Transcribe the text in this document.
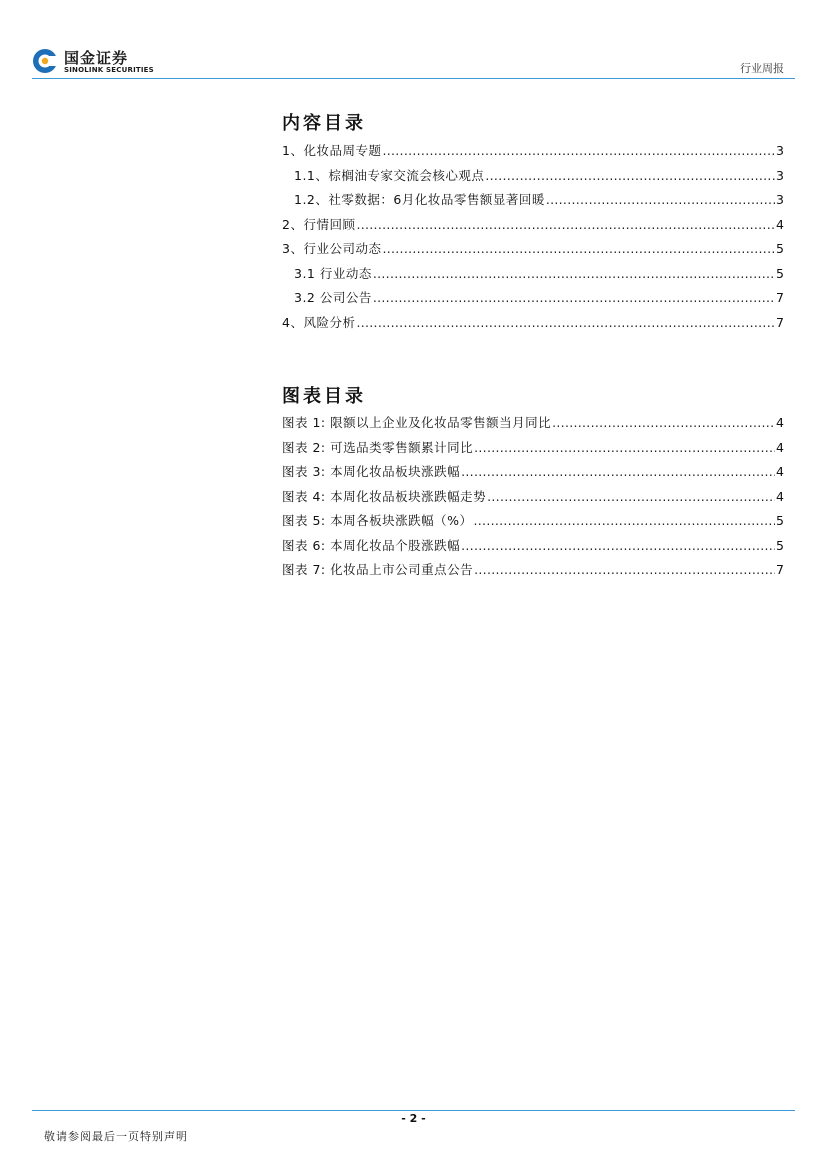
国金证券
SINOLINK SECURITIES	行业周报
内容目录
1、化妆品周专题 .....	3
1.1、棕榈油专家交流会核心观点 .....	3
1.2、社零数据：6月化妆品零售额显著回暖 .....	3
2、行情回顾 .....	4
3、行业公司动态 .....	5
3.1 行业动态 .....	5
3.2 公司公告 .....	7
4、风险分析 .....	7
图表目录
图表 1: 限额以上企业及化妆品零售额当月同比 .....	4
图表 2: 可选品类零售额累计同比 .....	4
图表 3: 本周化妆品板块涨跌幅 .....	4
图表 4: 本周化妆品板块涨跌幅走势 .....	4
图表 5: 本周各板块涨跌幅（%） .....	5
图表 6: 本周化妆品个股涨跌幅 .....	5
图表 7: 化妆品上市公司重点公告 .....	7
- 2 -
敬请参阅最后一页特别声明
